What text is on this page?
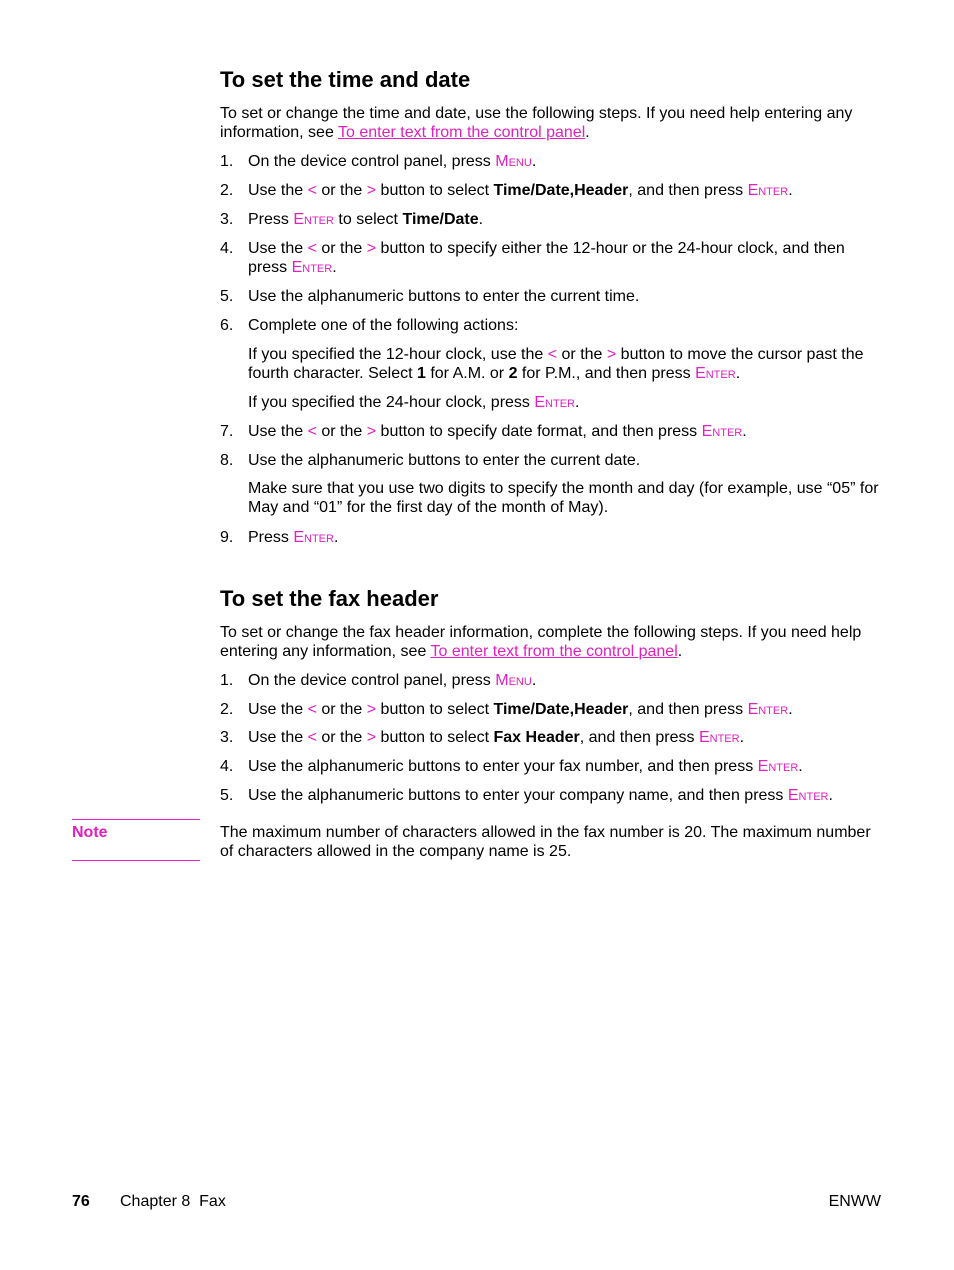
To set the time and date
To set or change the time and date, use the following steps. If you need help entering any information, see To enter text from the control panel.
1. On the device control panel, press Menu.
2. Use the < or the > button to select Time/Date,Header, and then press Enter.
3. Press Enter to select Time/Date.
4. Use the < or the > button to specify either the 12-hour or the 24-hour clock, and then press Enter.
5. Use the alphanumeric buttons to enter the current time.
6. Complete one of the following actions:
If you specified the 12-hour clock, use the < or the > button to move the cursor past the fourth character. Select 1 for A.M. or 2 for P.M., and then press Enter.
If you specified the 24-hour clock, press Enter.
7. Use the < or the > button to specify date format, and then press Enter.
8. Use the alphanumeric buttons to enter the current date.
Make sure that you use two digits to specify the month and day (for example, use “05” for May and “01” for the first day of the month of May).
9. Press Enter.
To set the fax header
To set or change the fax header information, complete the following steps. If you need help entering any information, see To enter text from the control panel.
1. On the device control panel, press Menu.
2. Use the < or the > button to select Time/Date,Header, and then press Enter.
3. Use the < or the > button to select Fax Header, and then press Enter.
4. Use the alphanumeric buttons to enter your fax number, and then press Enter.
5. Use the alphanumeric buttons to enter your company name, and then press Enter.
Note	The maximum number of characters allowed in the fax number is 20. The maximum number of characters allowed in the company name is 25.
76 Chapter 8  Fax	ENWW
